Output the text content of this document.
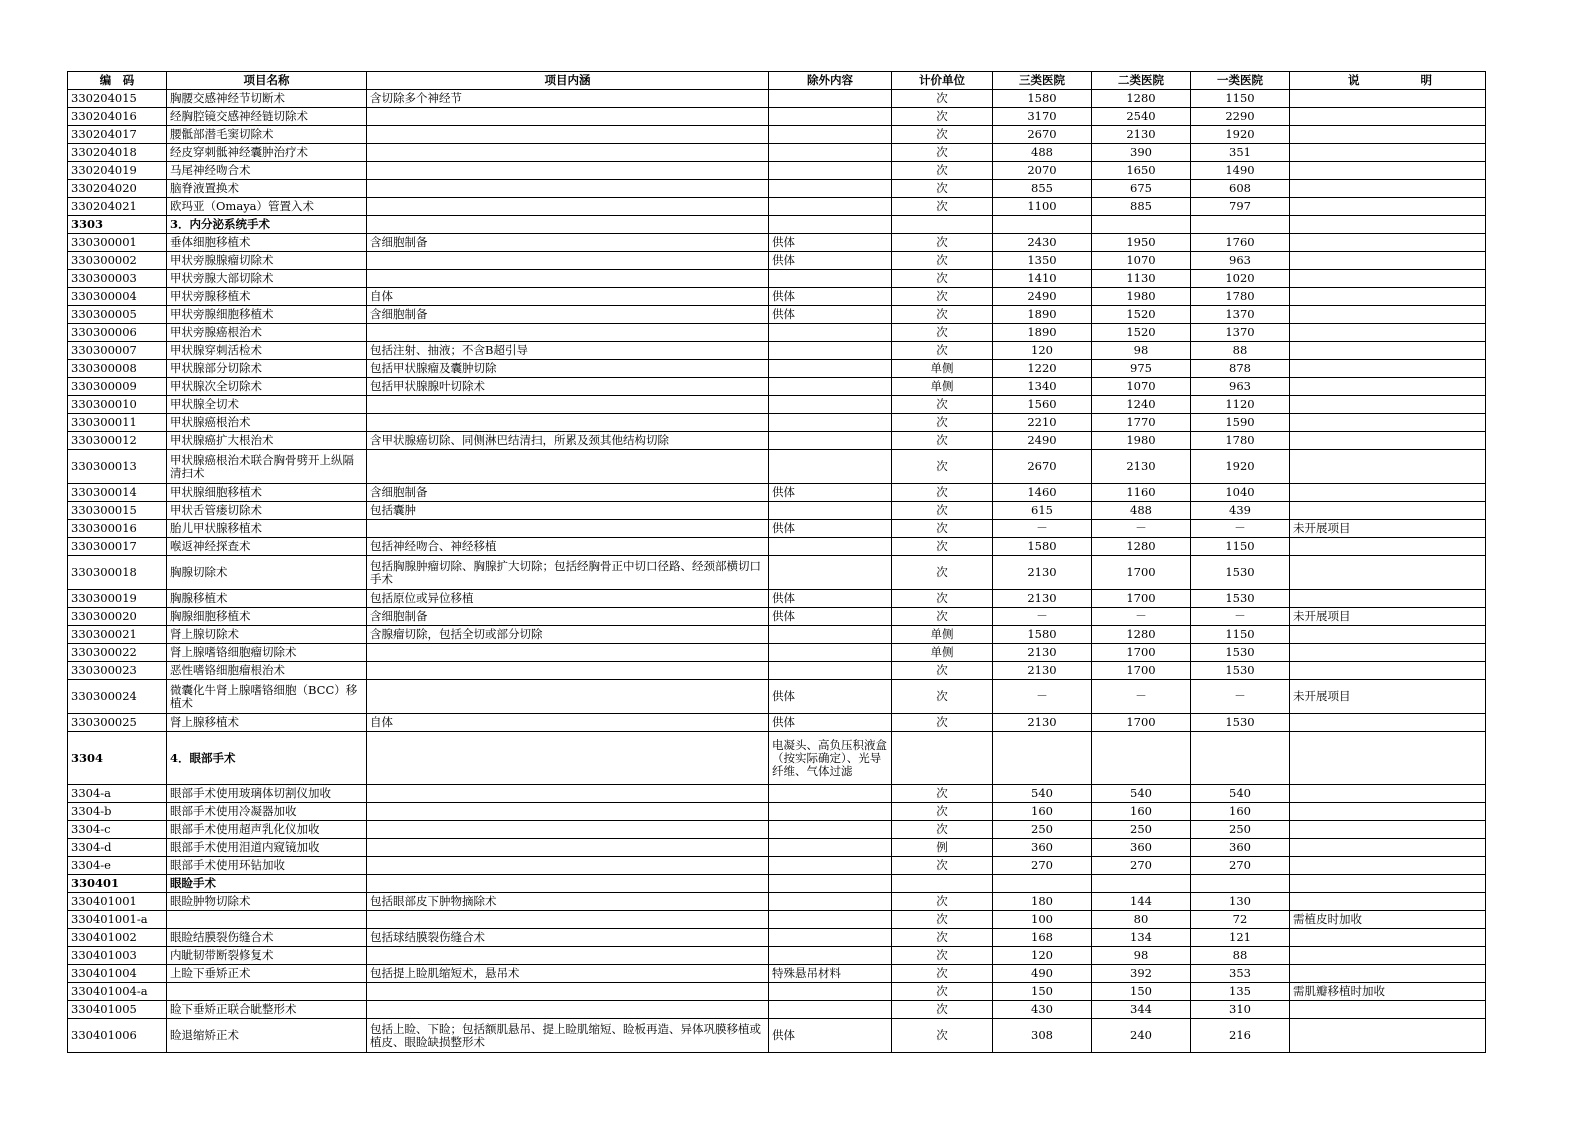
编　码	项目名称	项目内涵	除外内容	计价单位	三类医院	二类医院	一类医院	说 明

330204015	胸腰交感神经节切断术	含切除多个神经节		次	1580	1280	1150	
330204016	经胸腔镜交感神经链切除术			次	3170	2540	2290	
330204017	腰骶部潜毛窦切除术			次	2670	2130	1920	
330204018	经皮穿刺骶神经囊肿治疗术			次	488	390	351	
330204019	马尾神经吻合术			次	2070	1650	1490	
330204020	脑脊液置换术			次	855	675	608	
330204021	欧玛亚（Omaya）管置入术			次	1100	885	797	
3303	3．内分泌系统手术							
330300001	垂体细胞移植术	含细胞制备	供体	次	2430	1950	1760	
330300002	甲状旁腺腺瘤切除术		供体	次	1350	1070	963	
330300003	甲状旁腺大部切除术			次	1410	1130	1020	
330300004	甲状旁腺移植术	自体	供体	次	2490	1980	1780	
330300005	甲状旁腺细胞移植术	含细胞制备	供体	次	1890	1520	1370	
330300006	甲状旁腺癌根治术			次	1890	1520	1370	
330300007	甲状腺穿刺活检术	包括注射、抽液；不含B超引导		次	120	98	88	
330300008	甲状腺部分切除术	包括甲状腺瘤及囊肿切除		单侧	1220	975	878	
330300009	甲状腺次全切除术	包括甲状腺腺叶切除术		单侧	1340	1070	963	
330300010	甲状腺全切术			次	1560	1240	1120	
330300011	甲状腺癌根治术			次	2210	1770	1590	
330300012	甲状腺癌扩大根治术	含甲状腺癌切除、同侧淋巴结清扫，所累及颈其他结构切除		次	2490	1980	1780	
330300013	甲状腺癌根治术联合胸骨劈开上纵隔清扫术			次	2670	2130	1920	
330300014	甲状腺细胞移植术	含细胞制备	供体	次	1460	1160	1040	
330300015	甲状舌管瘘切除术	包括囊肿		次	615	488	439	
330300016	胎儿甲状腺移植术		供体	次	－	－	－	未开展项目
330300017	喉返神经探查术	包括神经吻合、神经移植		次	1580	1280	1150	
330300018	胸腺切除术	包括胸腺肿瘤切除、胸腺扩大切除；包括经胸骨正中切口径路、经颈部横切口手术		次	2130	1700	1530	
330300019	胸腺移植术	包括原位或异位移植	供体	次	2130	1700	1530	
330300020	胸腺细胞移植术	含细胞制备	供体	次	－	－	－	未开展项目
330300021	肾上腺切除术	含腺瘤切除，包括全切或部分切除		单侧	1580	1280	1150	
330300022	肾上腺嗜铬细胞瘤切除术			单侧	2130	1700	1530	
330300023	恶性嗜铬细胞瘤根治术			次	2130	1700	1530	
330300024	微囊化牛肾上腺嗜铬细胞（BCC）移植术		供体	次	－	－	－	未开展项目
330300025	肾上腺移植术	自体	供体	次	2130	1700	1530	
3304	4．眼部手术		电凝头、高负压积液盒（按实际确定）、光导纤维、气体过滤					
3304-a	眼部手术使用玻璃体切割仪加收			次	540	540	540	
3304-b	眼部手术使用冷凝器加收			次	160	160	160	
3304-c	眼部手术使用超声乳化仪加收			次	250	250	250	
3304-d	眼部手术使用泪道内窥镜加收			例	360	360	360	
3304-e	眼部手术使用环钻加收			次	270	270	270	
330401	眼睑手术							
330401001	眼睑肿物切除术	包括眼部皮下肿物摘除术		次	180	144	130	
330401001-a				次	100	80	72	需植皮时加收
330401002	眼睑结膜裂伤缝合术	包括球结膜裂伤缝合术		次	168	134	121	
330401003	内眦韧带断裂修复术			次	120	98	88	
330401004	上睑下垂矫正术	包括提上睑肌缩短术，悬吊术	特殊悬吊材料	次	490	392	353	
330401004-a				次	150	150	135	需肌瓣移植时加收
330401005	睑下垂矫正联合眦整形术			次	430	344	310	
330401006	睑退缩矫正术	包括上睑、下睑；包括额肌悬吊、提上睑肌缩短、睑板再造、异体巩膜移植或植皮、眼睑缺损整形术	供体	次	308	240	216	
